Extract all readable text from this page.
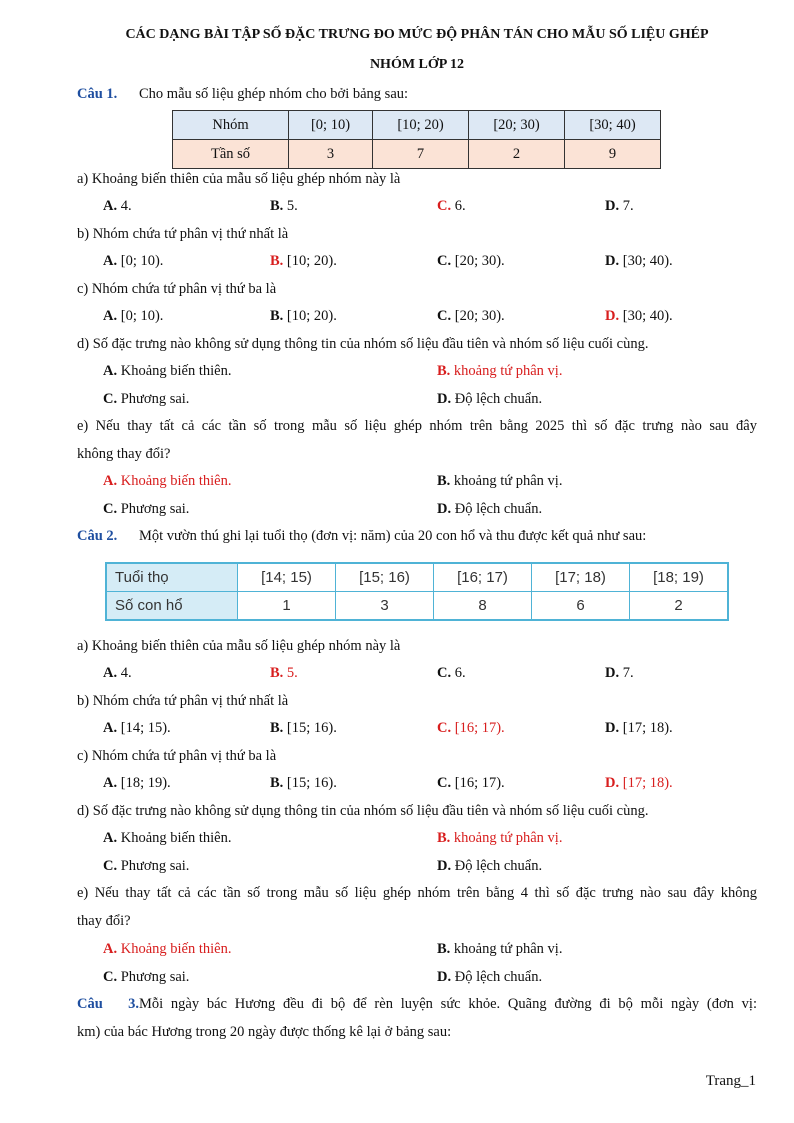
CÁC DẠNG BÀI TẬP SỐ ĐẶC TRƯNG ĐO MỨC ĐỘ PHÂN TÁN CHO MẪU SỐ LIỆU GHÉP
NHÓM LỚP 12
Câu 1. Cho mẫu số liệu ghép nhóm cho bởi bảng sau:
Nhóm	[0; 10)	[10; 20)	[20; 30)	[30; 40)
Tần số	3	7	2	9
a) Khoảng biến thiên của mẫu số liệu ghép nhóm này là
A. 4.	B. 5.	C. 6.	D. 7.
b) Nhóm chứa tứ phân vị thứ nhất là
A. [0; 10).	B. [10; 20).	C. [20; 30).	D. [30; 40).
c) Nhóm chứa tứ phân vị thứ ba là
A. [0; 10).	B. [10; 20).	C. [20; 30).	D. [30; 40).
d) Số đặc trưng nào không sử dụng thông tin của nhóm số liệu đầu tiên và nhóm số liệu cuối cùng.
A. Khoảng biến thiên.	B. khoảng tứ phân vị.
C. Phương sai.	D. Độ lệch chuẩn.
e) Nếu thay tất cả các tần số trong mẫu số liệu ghép nhóm trên bằng 2025 thì số đặc trưng nào sau đây
không thay đổi?
A. Khoảng biến thiên.	B. khoảng tứ phân vị.
C. Phương sai.	D. Độ lệch chuẩn.
Câu 2. Một vườn thú ghi lại tuổi thọ (đơn vị: năm) của 20 con hổ và thu được kết quả như sau:
Tuổi thọ	[14; 15)	[15; 16)	[16; 17)	[17; 18)	[18; 19)
Số con hổ	1	3	8	6	2
a) Khoảng biến thiên của mẫu số liệu ghép nhóm này là
A. 4.	B. 5.	C. 6.	D. 7.
b) Nhóm chứa tứ phân vị thứ nhất là
A. [14; 15).	B. [15; 16).	C. [16; 17).	D. [17; 18).
c) Nhóm chứa tứ phân vị thứ ba là
A. [18; 19).	B. [15; 16).	C. [16; 17).	D. [17; 18).
d) Số đặc trưng nào không sử dụng thông tin của nhóm số liệu đầu tiên và nhóm số liệu cuối cùng.
A. Khoảng biến thiên.	B. khoảng tứ phân vị.
C. Phương sai.	D. Độ lệch chuẩn.
e) Nếu thay tất cả các tần số trong mẫu số liệu ghép nhóm trên bằng 4 thì số đặc trưng nào sau đây không
thay đổi?
A. Khoảng biến thiên.	B. khoảng tứ phân vị.
C. Phương sai.	D. Độ lệch chuẩn.
Câu 3.Mỗi ngày bác Hương đều đi bộ để rèn luyện sức khỏe. Quãng đường đi bộ mỗi ngày (đơn vị:
km) của bác Hương trong 20 ngày được thống kê lại ở bảng sau:
Trang_1
